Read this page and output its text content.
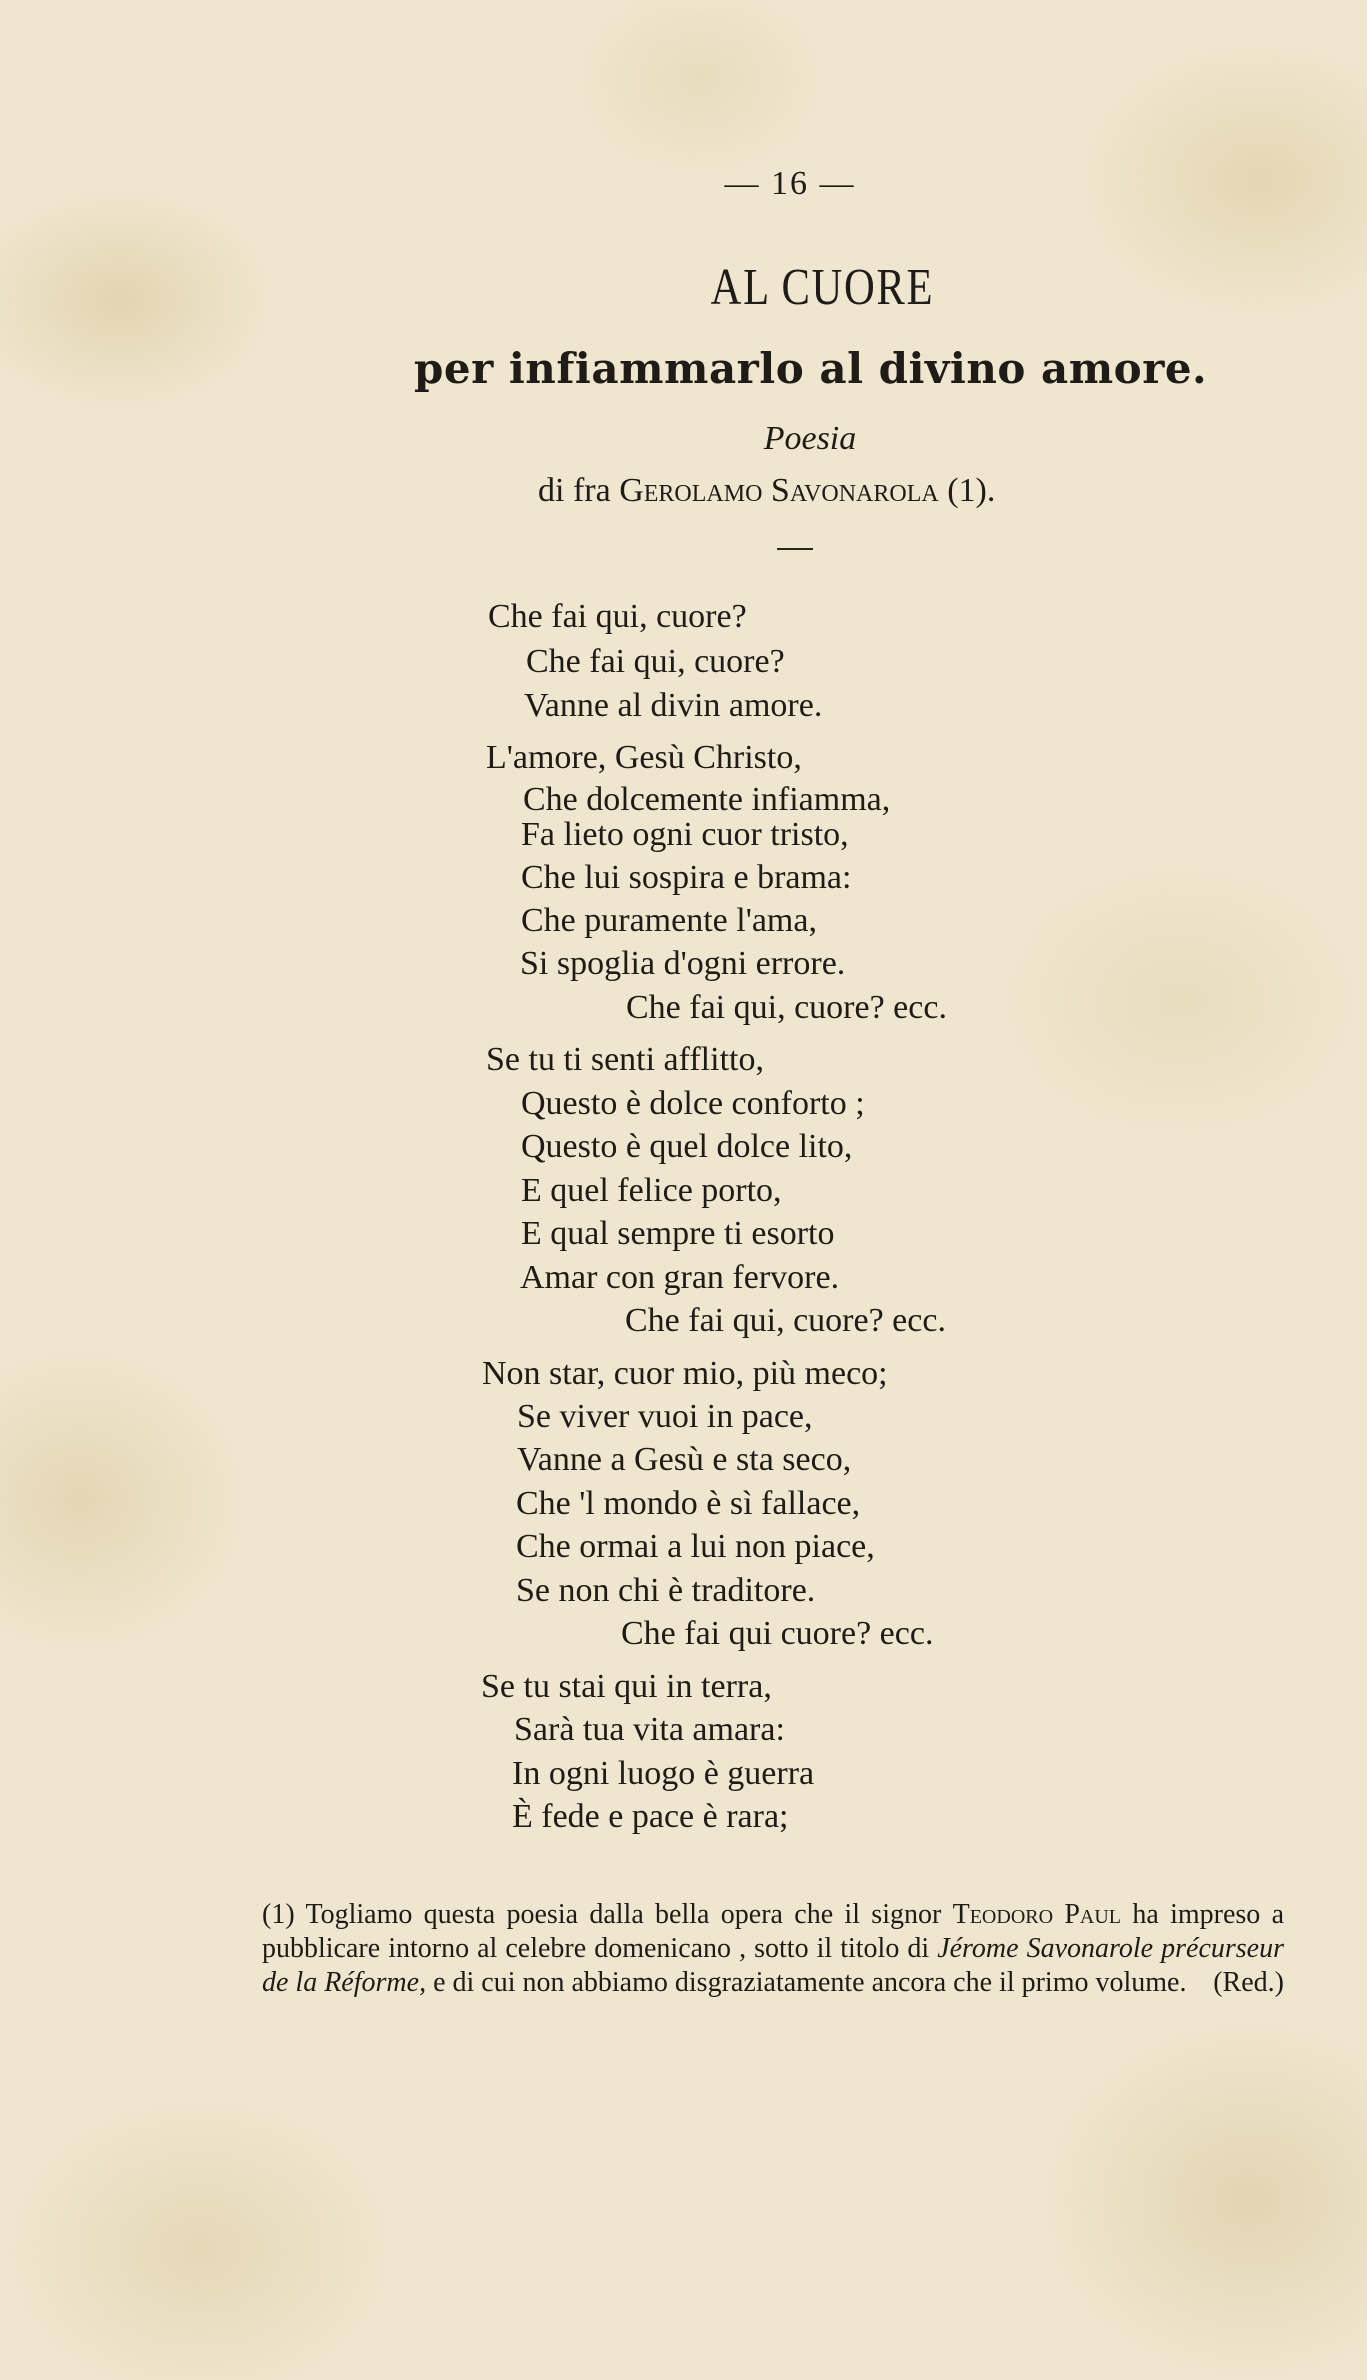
— 16 —
AL CUORE
per infiammarlo al divino amore.
Poesia
di fra Gerolamo Savonarola (1).
Che fai qui, cuore?
Che fai qui, cuore?
Vanne al divin amore.
L'amore, Gesù Christo,
Che dolcemente infiamma,
Fa lieto ogni cuor tristo,
Che lui sospira e brama:
Che puramente l'ama,
Si spoglia d'ogni errore.
Che fai qui, cuore? ecc.
Se tu ti senti afflitto,
Questo è dolce conforto ;
Questo è quel dolce lito,
E quel felice porto,
E qual sempre ti esorto
Amar con gran fervore.
Che fai qui, cuore? ecc.
Non star, cuor mio, più meco;
Se viver vuoi in pace,
Vanne a Gesù e sta seco,
Che 'l mondo è sì fallace,
Che ormai a lui non piace,
Se non chi è traditore.
Che fai qui cuore? ecc.
Se tu stai qui in terra,
Sarà tua vita amara:
In ogni luogo è guerra
È fede e pace è rara;

(1) Togliamo questa poesia dalla bella opera che il signor Teodoro Paul ha impreso a pubblicare intorno al celebre domenicano , sotto il titolo di Jérome Savonarole précurseur de la Réforme, e di cui non abbiamo disgraziatamente ancora che il primo volume. (Red.)
